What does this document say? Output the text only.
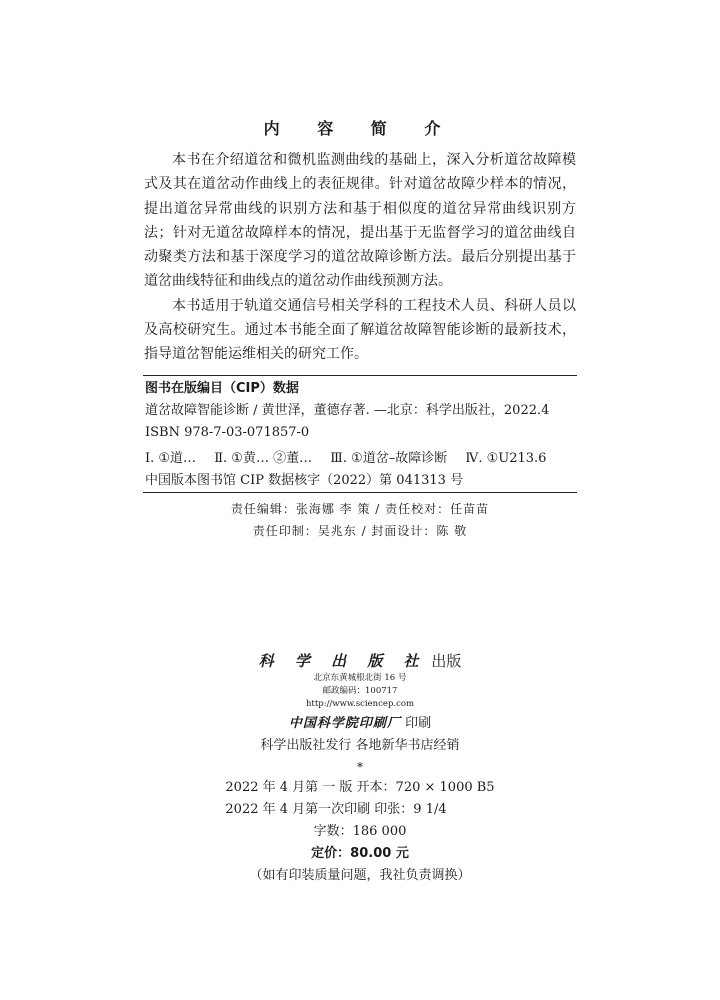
内 容 简 介

本书在介绍道岔和微机监测曲线的基础上，深入分析道岔故障模式及其在道岔动作曲线上的表征规律。针对道岔故障少样本的情况，提出道岔异常曲线的识别方法和基于相似度的道岔异常曲线识别方法；针对无道岔故障样本的情况，提出基于无监督学习的道岔曲线自动聚类方法和基于深度学习的道岔故障诊断方法。最后分别提出基于道岔曲线特征和曲线点的道岔动作曲线预测方法。

本书适用于轨道交通信号相关学科的工程技术人员、科研人员以及高校研究生。通过本书能全面了解道岔故障智能诊断的最新技术，指导道岔智能运维相关的研究工作。

图书在版编目（CIP）数据
道岔故障智能诊断 / 黄世泽，董德存著. —北京：科学出版社，2022.4
ISBN 978-7-03-071857-0
Ⅰ. ①道… Ⅱ. ①黄… ②董… Ⅲ. ①道岔–故障诊断 Ⅳ. ①U213.6
中国版本图书馆 CIP 数据核字（2022）第 041313 号
责任编辑：张海娜 李 策 / 责任校对：任苗苗
责任印制：吴兆东 / 封面设计：陈 敬
科 学 出 版 社 出版
北京东黄城根北街 16 号
邮政编码：100717
http://www.sciencep.com
中国科学院印刷厂 印刷
科学出版社发行 各地新华书店经销
*
2022 年 4 月第 一 版 开本：720 × 1000 B5
2022 年 4 月第一次印刷 印张：9 1/4
字数：186 000
定价：80.00 元
（如有印装质量问题，我社负责调换）
